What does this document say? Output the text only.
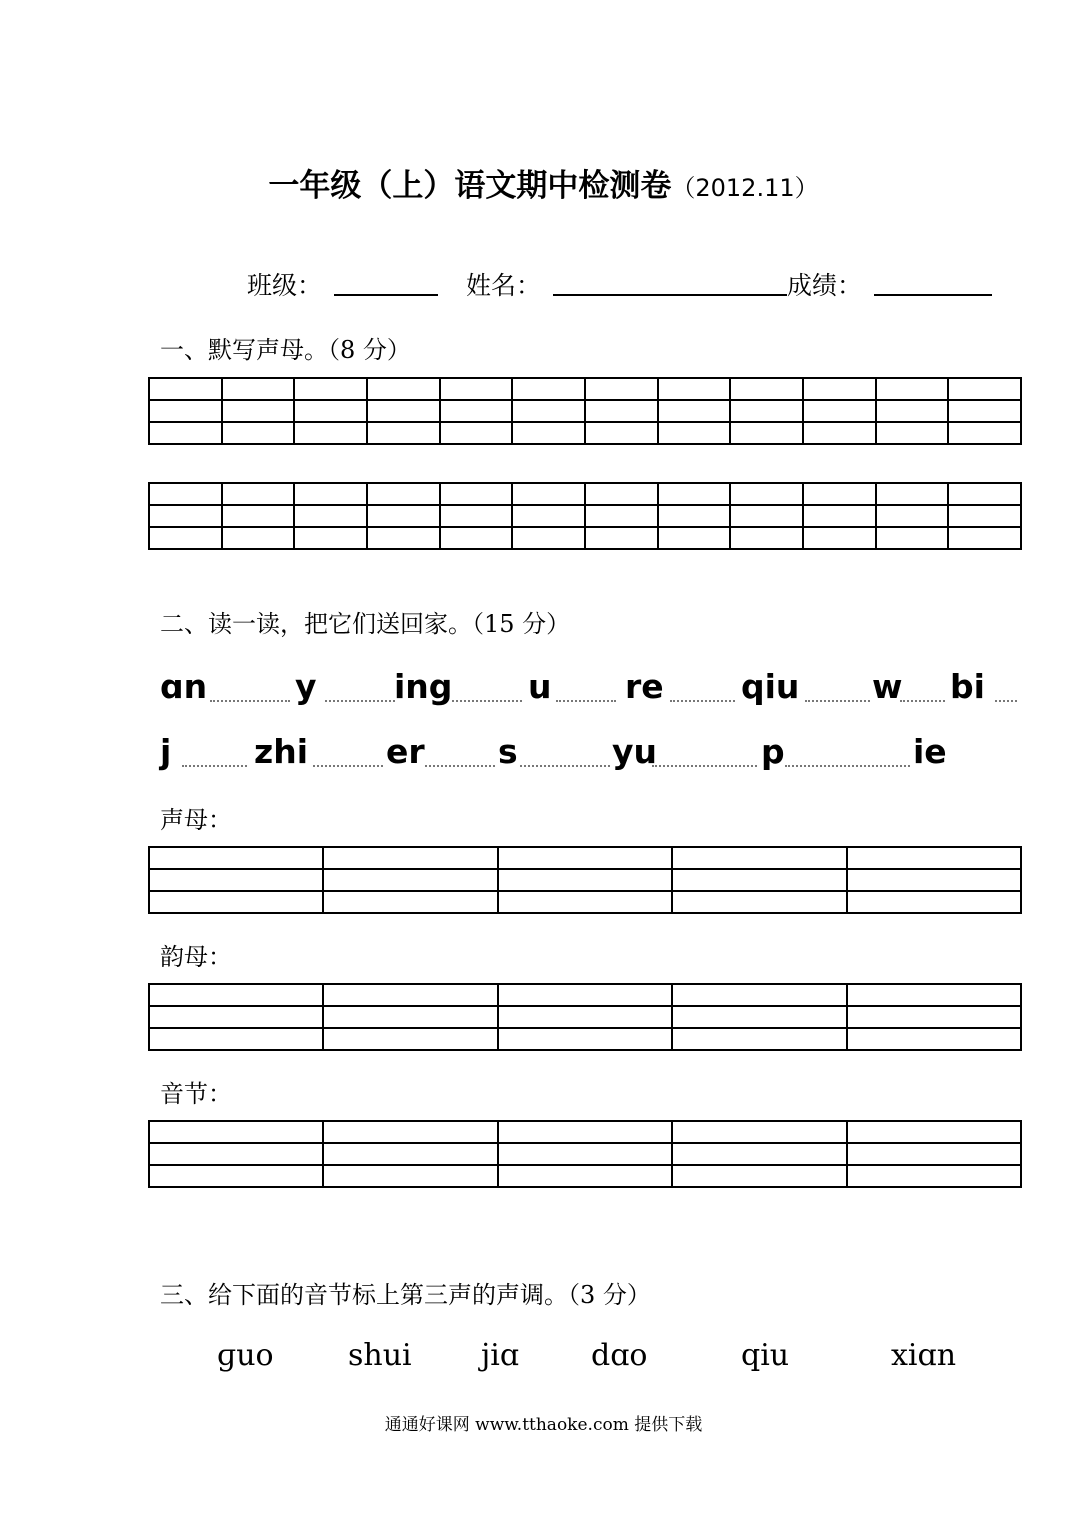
一年级（上）语文期中检测卷（2012.11）
班级：	姓名：	成绩：
一、默写声母。（8 分）

二、读一读，把它们送回家。（15 分）
ɑn	y ing u re qiu w bi
j	zhi er s	yu	p	ie
声母：

韵母：

音节：

三、给下面的音节标上第三声的声调。（3 分）
ɡuo shui jiɑ dɑo	qiu	xiɑn
通通好课网 www.tthaoke.com 提供下载
